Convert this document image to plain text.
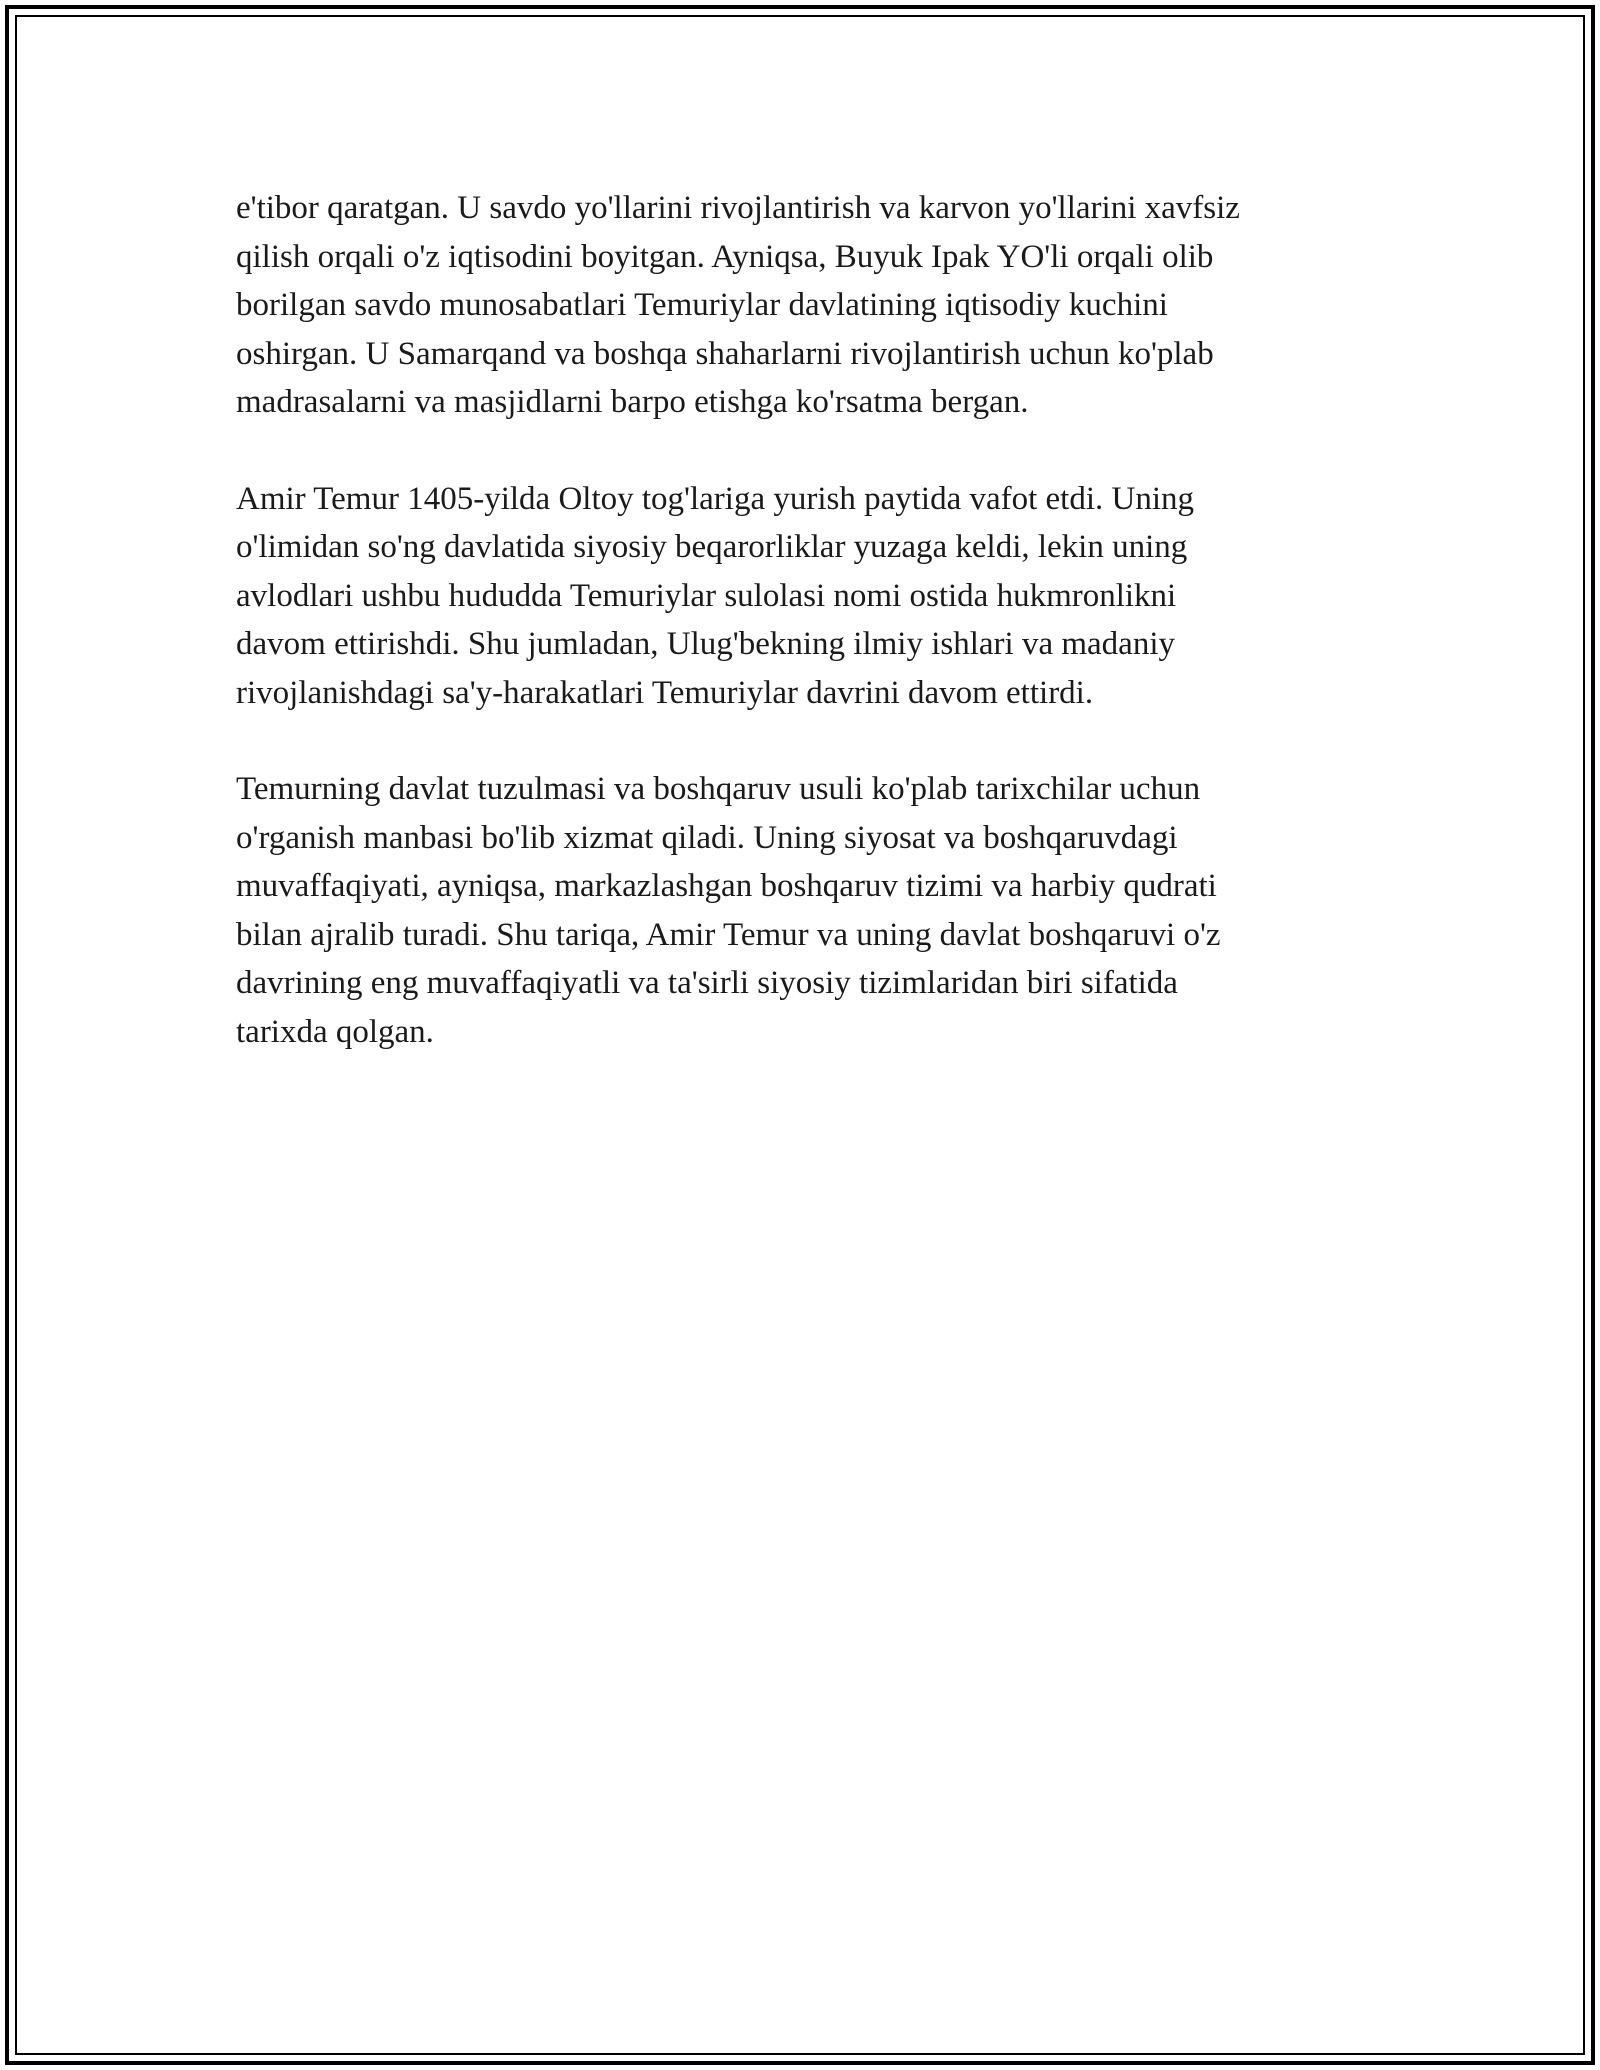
e'tibor qaratgan. U savdo yo'llarini rivojlantirish va karvon yo'llarini xavfsiz
qilish orqali o'z iqtisodini boyitgan. Ayniqsa, Buyuk Ipak YO'li orqali olib
borilgan savdo munosabatlari Temuriylar davlatining iqtisodiy kuchini
oshirgan. U Samarqand va boshqa shaharlarni rivojlantirish uchun ko'plab
madrasalarni va masjidlarni barpo etishga ko'rsatma bergan.

Amir Temur 1405-yilda Oltoy tog'lariga yurish paytida vafot etdi. Uning
o'limidan so'ng davlatida siyosiy beqarorliklar yuzaga keldi, lekin uning
avlodlari ushbu hududda Temuriylar sulolasi nomi ostida hukmronlikni
davom ettirishdi. Shu jumladan, Ulug'bekning ilmiy ishlari va madaniy
rivojlanishdagi sa'y-harakatlari Temuriylar davrini davom ettirdi.

Temurning davlat tuzulmasi va boshqaruv usuli ko'plab tarixchilar uchun
o'rganish manbasi bo'lib xizmat qiladi. Uning siyosat va boshqaruvdagi
muvaffaqiyati, ayniqsa, markazlashgan boshqaruv tizimi va harbiy qudrati
bilan ajralib turadi. Shu tariqa, Amir Temur va uning davlat boshqaruvi o'z
davrining eng muvaffaqiyatli va ta'sirli siyosiy tizimlaridan biri sifatida
tarixda qolgan.
